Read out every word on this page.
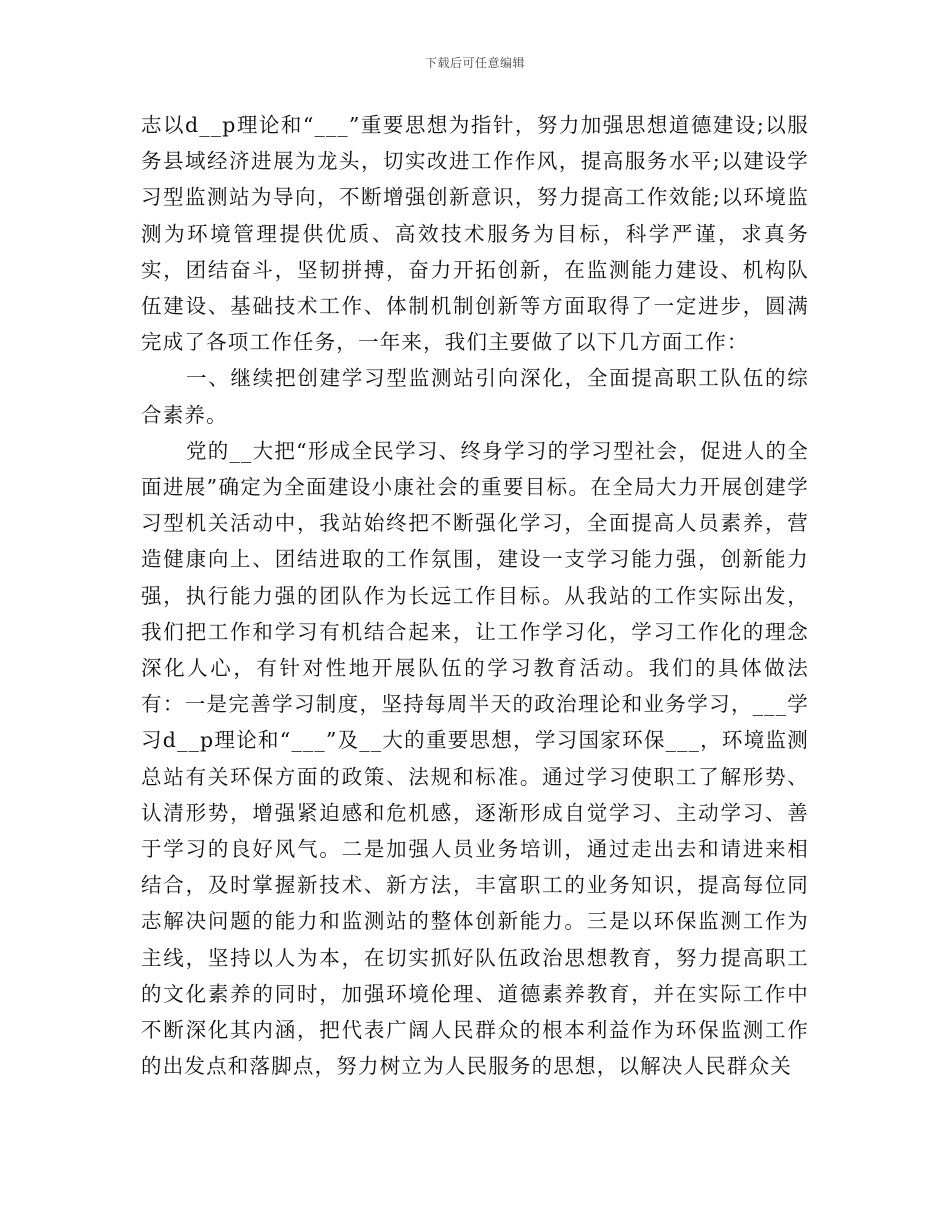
下载后可任意编辑

志以d__p理论和“___”重要思想为指针，努力加强思想道德建设;以服务县域经济进展为龙头，切实改进工作作风，提高服务水平;以建设学习型监测站为导向，不断增强创新意识，努力提高工作效能;以环境监测为环境管理提供优质、高效技术服务为目标，科学严谨，求真务实，团结奋斗，坚韧拼搏，奋力开拓创新，在监测能力建设、机构队伍建设、基础技术工作、体制机制创新等方面取得了一定进步，圆满完成了各项工作任务，一年来，我们主要做了以下几方面工作：

一、继续把创建学习型监测站引向深化，全面提高职工队伍的综合素养。

党的__大把“形成全民学习、终身学习的学习型社会，促进人的全面进展”确定为全面建设小康社会的重要目标。在全局大力开展创建学习型机关活动中，我站始终把不断强化学习，全面提高人员素养，营造健康向上、团结进取的工作氛围，建设一支学习能力强，创新能力强，执行能力强的团队作为长远工作目标。从我站的工作实际出发，我们把工作和学习有机结合起来，让工作学习化，学习工作化的理念深化人心，有针对性地开展队伍的学习教育活动。我们的具体做法有：一是完善学习制度，坚持每周半天的政治理论和业务学习，___学习d__p理论和“___”及__大的重要思想，学习国家环保___，环境监测总站有关环保方面的政策、法规和标准。通过学习使职工了解形势、认清形势，增强紧迫感和危机感，逐渐形成自觉学习、主动学习、善于学习的良好风气。二是加强人员业务培训，通过走出去和请进来相结合，及时掌握新技术、新方法，丰富职工的业务知识，提高每位同志解决问题的能力和监测站的整体创新能力。三是以环保监测工作为主线，坚持以人为本，在切实抓好队伍政治思想教育，努力提高职工的文化素养的同时，加强环境伦理、道德素养教育，并在实际工作中不断深化其内涵，把代表广阔人民群众的根本利益作为环保监测工作的出发点和落脚点，努力树立为人民服务的思想，以解决人民群众关
